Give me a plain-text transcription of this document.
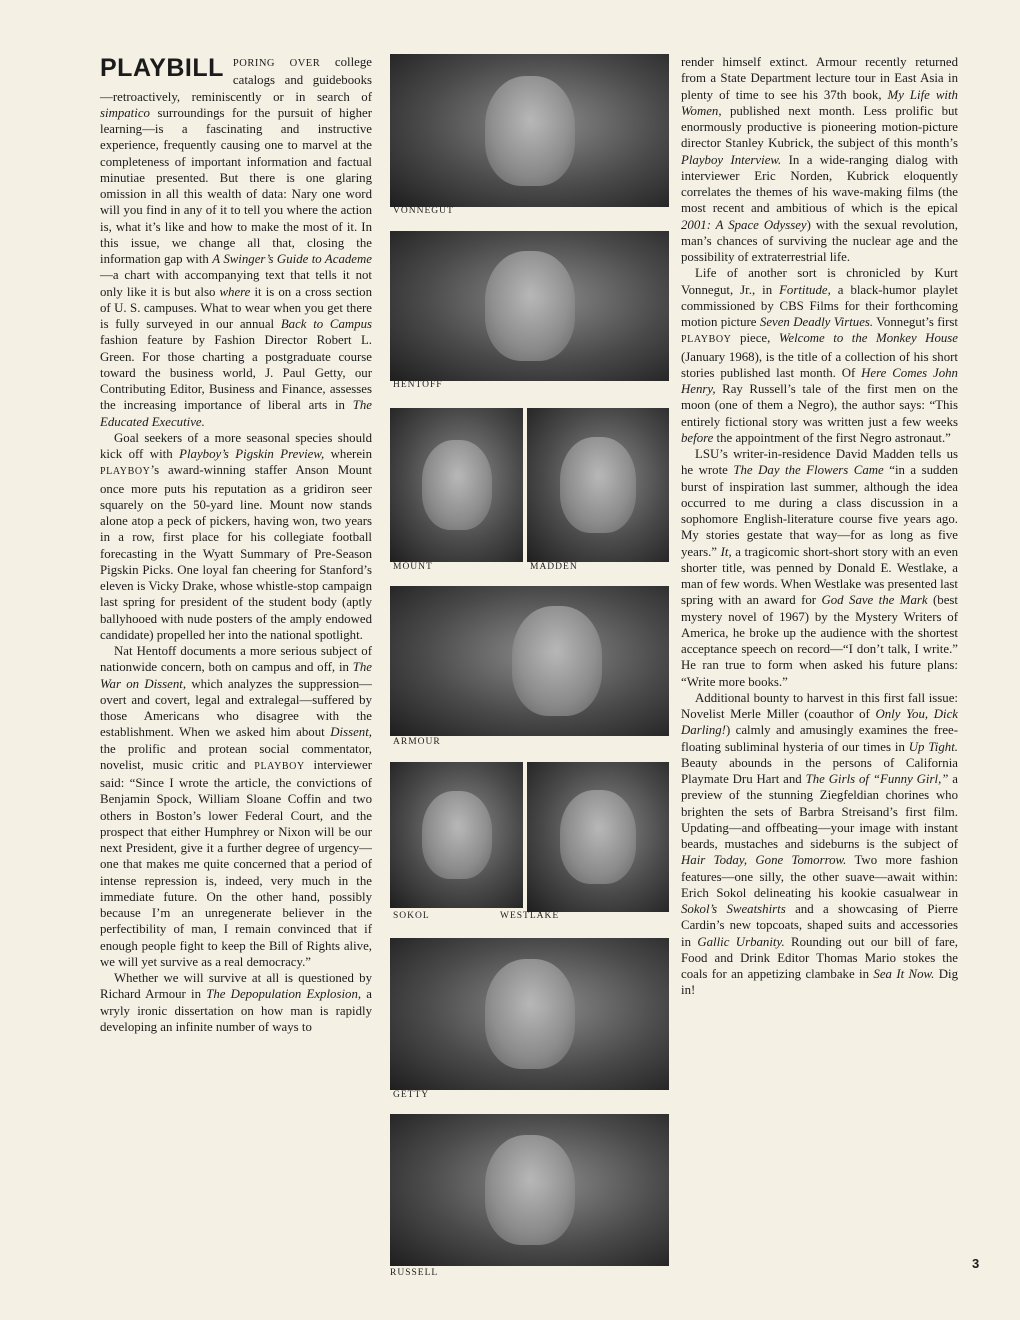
PLAYBILL PORING OVER college catalogs and guidebooks—retroactively, reminiscently or in search of simpatico surroundings for the pursuit of higher learning—is a fascinating and instructive experience, frequently causing one to marvel at the completeness of important information and factual minutiae presented. But there is one glaring omission in all this wealth of data: Nary one word will you find in any of it to tell you where the action is, what it’s like and how to make the most of it. In this issue, we change all that, closing the information gap with A Swinger’s Guide to Academe—a chart with accompanying text that tells it not only like it is but also where it is on a cross section of U. S. campuses. What to wear when you get there is fully surveyed in our annual Back to Campus fashion feature by Fashion Director Robert L. Green. For those charting a postgraduate course toward the business world, J. Paul Getty, our Contributing Editor, Business and Finance, assesses the increasing importance of liberal arts in The Educated Executive.

Goal seekers of a more seasonal species should kick off with Playboy’s Pigskin Preview, wherein PLAYBOY’s award-winning staffer Anson Mount once more puts his reputation as a gridiron seer squarely on the 50-yard line. Mount now stands alone atop a peck of pickers, having won, two years in a row, first place for his collegiate football forecasting in the Wyatt Summary of Pre-Season Pigskin Picks. One loyal fan cheering for Stanford’s eleven is Vicky Drake, whose whistle-stop campaign last spring for president of the student body (aptly ballyhooed with nude posters of the amply endowed candidate) propelled her into the national spotlight.

Nat Hentoff documents a more serious subject of nationwide concern, both on campus and off, in The War on Dissent, which analyzes the suppression—overt and covert, legal and extralegal—suffered by those Americans who disagree with the establishment. When we asked him about Dissent, the prolific and protean social commentator, novelist, music critic and PLAYBOY interviewer said: “Since I wrote the article, the convictions of Benjamin Spock, William Sloane Coffin and two others in Boston’s lower Federal Court, and the prospect that either Humphrey or Nixon will be our next President, give it a further degree of urgency—one that makes me quite concerned that a period of intense repression is, indeed, very much in the immediate future. On the other hand, possibly because I’m an unregenerate believer in the perfectibility of man, I remain convinced that if enough people fight to keep the Bill of Rights alive, we will yet survive as a real democracy.”

Whether we will survive at all is questioned by Richard Armour in The Depopulation Explosion, a wryly ironic dissertation on how man is rapidly developing an infinite number of ways to

VONNEGUT
HENTOFF
MOUNT	MADDEN
ARMOUR
SOKOL	WESTLAKE
GETTY
RUSSELL

render himself extinct. Armour recently returned from a State Department lecture tour in East Asia in plenty of time to see his 37th book, My Life with Women, published next month. Less prolific but enormously productive is pioneering motion-picture director Stanley Kubrick, the subject of this month’s Playboy Interview. In a wide-ranging dialog with interviewer Eric Norden, Kubrick eloquently correlates the themes of his wave-making films (the most recent and ambitious of which is the epical 2001: A Space Odyssey) with the sexual revolution, man’s chances of surviving the nuclear age and the possibility of extraterrestrial life.

Life of another sort is chronicled by Kurt Vonnegut, Jr., in Fortitude, a black-humor playlet commissioned by CBS Films for their forthcoming motion picture Seven Deadly Virtues. Vonnegut’s first PLAYBOY piece, Welcome to the Monkey House (January 1968), is the title of a collection of his short stories published last month. Of Here Comes John Henry, Ray Russell’s tale of the first men on the moon (one of them a Negro), the author says: “This entirely fictional story was written just a few weeks before the appointment of the first Negro astronaut.”

LSU’s writer-in-residence David Madden tells us he wrote The Day the Flowers Came “in a sudden burst of inspiration last summer, although the idea occurred to me during a class discussion in a sophomore English-literature course five years ago. My stories gestate that way—for as long as five years.” It, a tragicomic short-short story with an even shorter title, was penned by Donald E. Westlake, a man of few words. When Westlake was presented last spring with an award for God Save the Mark (best mystery novel of 1967) by the Mystery Writers of America, he broke up the audience with the shortest acceptance speech on record—“I don’t talk, I write.” He ran true to form when asked his future plans: “Write more books.”

Additional bounty to harvest in this first fall issue: Novelist Merle Miller (coauthor of Only You, Dick Darling!) calmly and amusingly examines the free-floating subliminal hysteria of our times in Up Tight. Beauty abounds in the persons of California Playmate Dru Hart and The Girls of “Funny Girl,” a preview of the stunning Ziegfeldian chorines who brighten the sets of Barbra Streisand’s first film. Updating—and offbeating—your image with instant beards, mustaches and sideburns is the subject of Hair Today, Gone Tomorrow. Two more fashion features—one silly, the other suave—await within: Erich Sokol delineating his kookie casualwear in Sokol’s Sweatshirts and a showcasing of Pierre Cardin’s new topcoats, shaped suits and accessories in Gallic Urbanity. Rounding out our bill of fare, Food and Drink Editor Thomas Mario stokes the coals for an appetizing clambake in Sea It Now. Dig in!

3
